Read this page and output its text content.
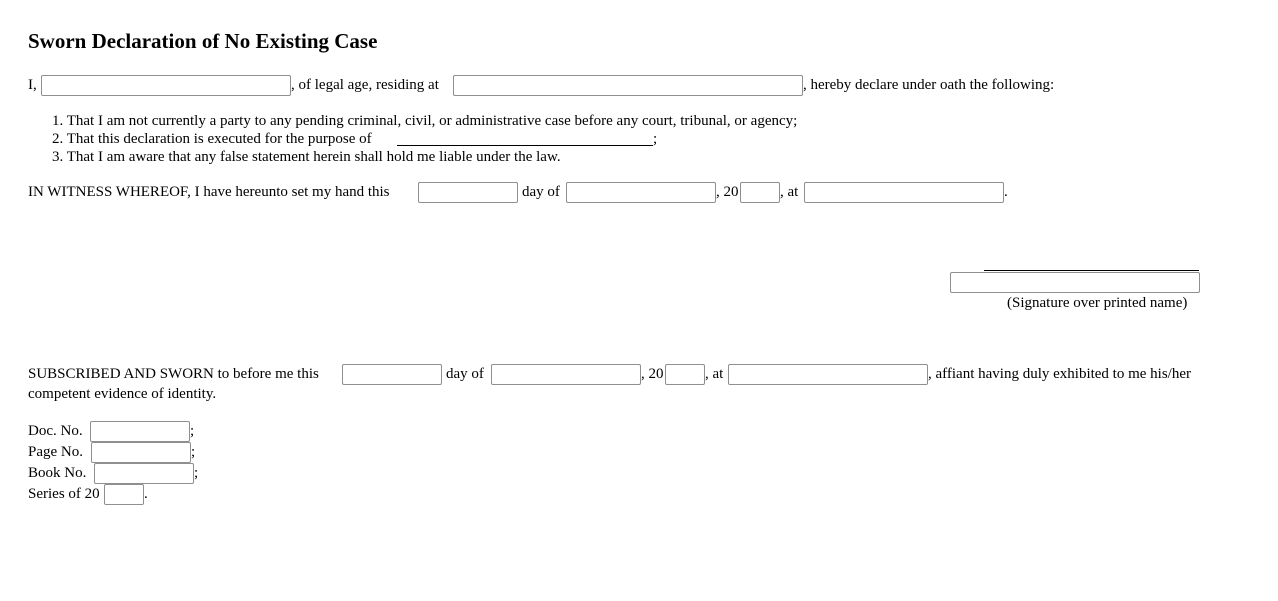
Sworn Declaration of No Existing Case
I,	, of legal age, residing at	, hereby declare under oath the following:
1. That I am not currently a party to any pending criminal, civil, or administrative case before any court, tribunal, or agency;
2. That this declaration is executed for the purpose of	;
3. That I am aware that any false statement herein shall hold me liable under the law.
IN WITNESS WHEREOF, I have hereunto set my hand this	day of	, 20	, at	.
(Signature over printed name)
SUBSCRIBED AND SWORN to before me this	day of	, 20	, at	, affiant having duly exhibited to me his/her
competent evidence of identity.
Doc. No.	;
Page No.	;
Book No.	;
Series of 20	.
